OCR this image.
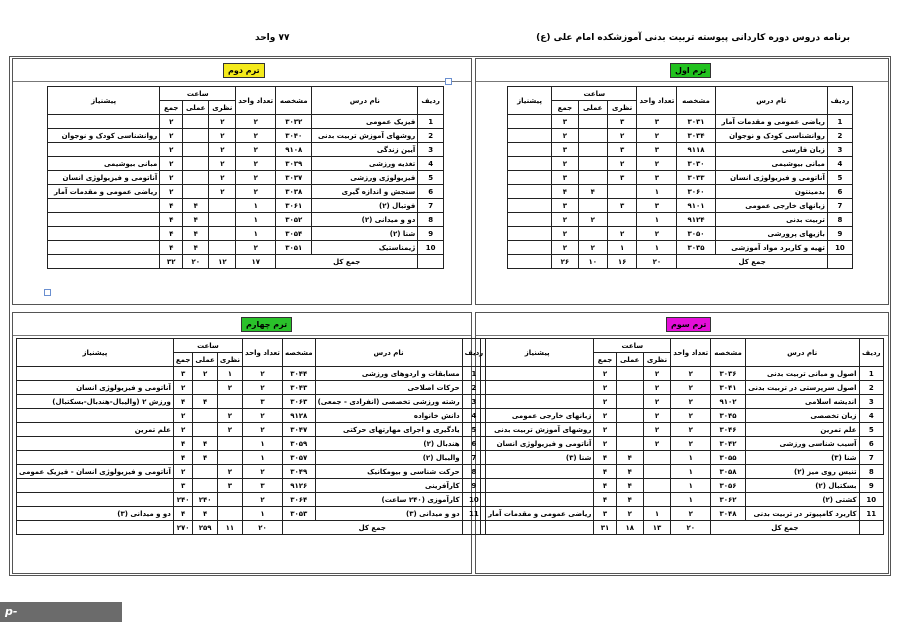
برنامه دروس دوره کاردانی پیوسته تربیت بدنی آموزشکده امام علی (ع)
۷۷ واحد
ترم اول
ترم دوم
ترم سوم
ترم چهارم
ردیف	نام درس	مشخصه	تعداد واحد	ساعت			پیشنیاز
				نظری	عملی	جمع	
1	ریاضی عمومی و مقدمات آمار	۳۰۳۱	۳	۳		۳	
2	روانشناسی کودک و نوجوان	۳۰۳۴	۲	۲		۲	
3	زبان فارسی	۹۱۱۸	۳	۳		۳	
4	مبانی بیوشیمی	۳۰۳۰	۲	۲		۲	
5	آناتومی و فیزیولوژی انسان	۳۰۳۳	۳	۳		۳	
6	بدمینتون	۳۰۶۰	۱		۴	۴	
7	زبانهای خارجی عمومی	۹۱۰۱	۳	۳		۳	
8	تربیت بدنی	۹۱۲۴	۱		۲	۲	
9	بازیهای پرورشی	۳۰۵۰	۲	۲		۲	
10	تهیه و کاربرد مواد آموزشی	۳۰۳۵	۱	۱	۲	۲	
	جمع کل		۲۰	۱۶	۱۰	۲۶	
ردیف	نام درس	مشخصه	تعداد واحد	ساعت			پیشنیاز
				نظری	عملی	جمع	
1	فیزیک عمومی	۳۰۳۲	۲	۲		۲	
2	روشهای آموزش تربیت بدنی	۳۰۴۰	۲	۲		۲	روانشناسی کودک و نوجوان
3	آیین زندگی	۹۱۰۸	۲	۲		۲	
4	تغذیه ورزشی	۳۰۳۹	۲	۲		۲	مبانی بیوشیمی
5	فیزیولوژی ورزشی	۳۰۳۷	۲	۲		۲	آناتومی و فیزیولوژی انسان
6	سنجش و اندازه گیری	۳۰۳۸	۲	۲		۲	ریاضی عمومی و مقدمات آمار
7	فوتبال (۲)	۳۰۶۱	۱		۴	۴	
8	دو و میدانی (۲)	۳۰۵۲	۱		۴	۴	
9	شنا (۲)	۳۰۵۴	۱		۴	۴	
10	ژیمناستیک	۳۰۵۱	۲		۴	۴	
	جمع کل		۱۷	۱۲	۲۰	۳۲	
ردیف	نام درس	مشخصه	تعداد واحد	ساعت			پیشنیاز
				نظری	عملی	جمع	
1	اصول و مبانی تربیت بدنی	۳۰۳۶	۲	۲		۲	
2	اصول سرپرستی در تربیت بدنی	۳۰۴۱	۲	۲		۲	
3	اندیشه اسلامی	۹۱۰۲	۲	۲		۲	
4	زبان تخصصی	۳۰۴۵	۲	۲		۲	زبانهای خارجی عمومی
5	علم تمرین	۳۰۴۶	۲	۲		۲	روشهای آموزش تربیت بدنی
6	آسیب شناسی ورزشی	۳۰۴۲	۲	۲		۲	آناتومی و فیزیولوژی انسان
7	شنا (۳)	۳۰۵۵	۱		۴	۴	شنا (۳)
8	تنیس روی میز (۲)	۳۰۵۸	۱		۴	۴	
9	بسکتبال (۲)	۳۰۵۶	۱		۴	۴	
10	کشتی (۲)	۳۰۶۲	۱		۴	۴	
11	کاربرد کامپیوتر در تربیت بدنی	۳۰۴۸	۲	۱	۲	۳	ریاضی عمومی و مقدمات آمار
	جمع کل		۲۰	۱۳	۱۸	۳۱	
ردیف	نام درس	مشخصه	تعداد واحد	ساعت			پیشنیاز
				نظری	عملی	جمع	
1	مسابقات و اردوهای ورزشی	۳۰۴۴	۲	۱	۲	۳	
2	حرکات اصلاحی	۳۰۴۳	۲	۲		۲	آناتومی و فیزیولوژی انسان
3	رشته ورزشی تخصصی (انفرادی - جمعی)	۳۰۶۳	۳		۴	۴	ورزش ۲ (والیبال-هندبال-بسکتبال)
4	دانش خانواده	۹۱۲۸	۲	۲		۲	
5	یادگیری و اجرای مهارتهای حرکتی	۳۰۴۷	۲	۲		۲	علم تمرین
6	هندبال (۲)	۳۰۵۹	۱		۴	۴	
7	والیبال (۲)	۳۰۵۷	۱		۴	۴	
8	حرکت شناسی و بیومکانیک	۳۰۴۹	۲	۲		۲	آناتومی و فیزیولوژی انسان - فیزیک عمومی
9	کارآفرینی	۹۱۲۶	۳	۳		۳	
10	کارآموزی (۲۴۰ ساعت)	۳۰۶۴	۲		۲۴۰	۲۴۰	
11	دو و میدانی (۳)	۳۰۵۳	۱		۴	۴	دو و میدانی (۳)
	جمع کل		۲۰	۱۱	۲۵۹	۲۷۰	
p-safadasht.tvu.ac.ir
